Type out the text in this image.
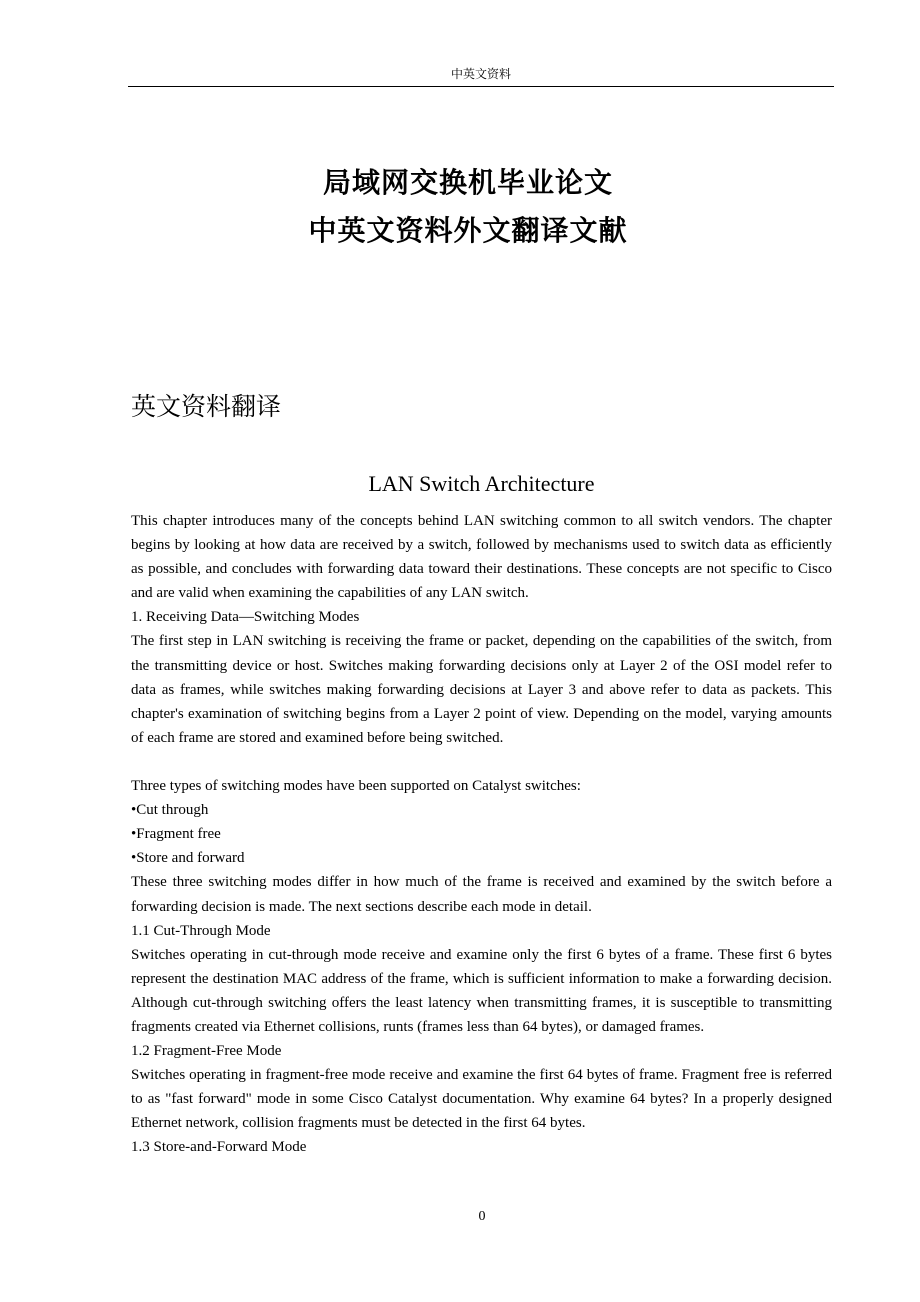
中英文资料
局域网交换机毕业论文
中英文资料外文翻译文献
英文资料翻译
LAN Switch Architecture

This chapter introduces many of the concepts behind LAN switching common to all switch vendors. The chapter begins by looking at how data are received by a switch, followed by mechanisms used to switch data as efficiently as possible, and concludes with forwarding data toward their destinations. These concepts are not specific to Cisco and are valid when examining the capabilities of any LAN switch.

1. Receiving Data—Switching Modes

The first step in LAN switching is receiving the frame or packet, depending on the capabilities of the switch, from the transmitting device or host. Switches making forwarding decisions only at Layer 2 of the OSI model refer to data as frames, while switches making forwarding decisions at Layer 3 and above refer to data as packets. This chapter's examination of switching begins from a Layer 2 point of view. Depending on the model, varying amounts of each frame are stored and examined before being switched.

Three types of switching modes have been supported on Catalyst switches:

•Cut through

•Fragment free

•Store and forward

These three switching modes differ in how much of the frame is received and examined by the switch before a forwarding decision is made. The next sections describe each mode in detail.

1.1 Cut-Through Mode

Switches operating in cut-through mode receive and examine only the first 6 bytes of a frame. These first 6 bytes represent the destination MAC address of the frame, which is sufficient information to make a forwarding decision. Although cut-through switching offers the least latency when transmitting frames, it is susceptible to transmitting fragments created via Ethernet collisions, runts (frames less than 64 bytes), or damaged frames.

1.2 Fragment-Free Mode

Switches operating in fragment-free mode receive and examine the first 64 bytes of frame. Fragment free is referred to as "fast forward" mode in some Cisco Catalyst documentation. Why examine 64 bytes? In a properly designed Ethernet network, collision fragments must be detected in the first 64 bytes.

1.3 Store-and-Forward Mode

0
